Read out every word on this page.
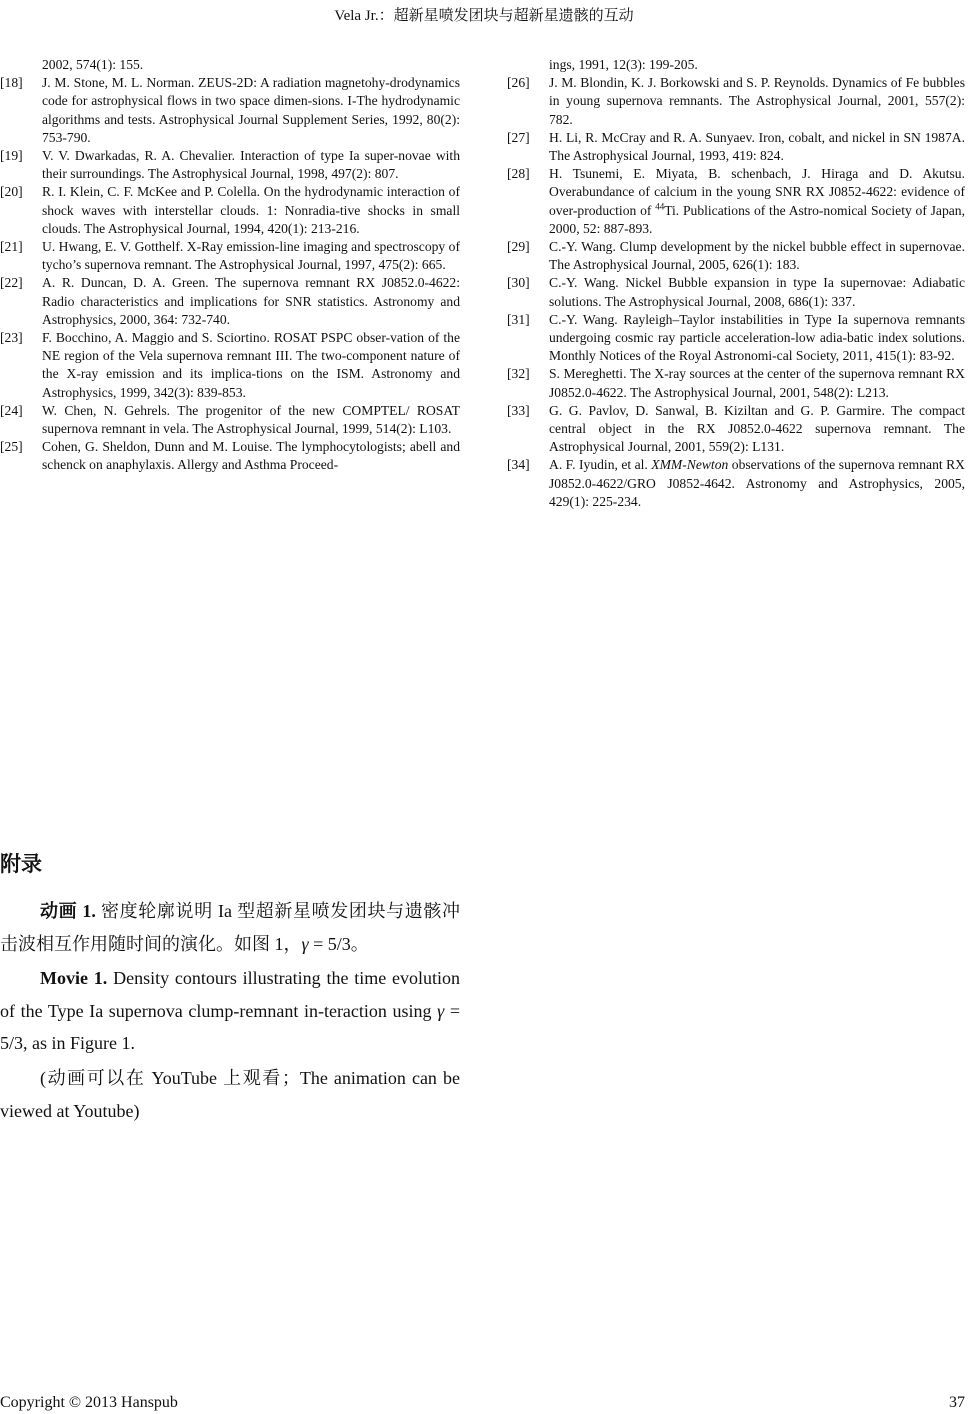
Vela Jr.：超新星喷发团块与超新星遗骸的互动
2002, 574(1): 155.
[18] J. M. Stone, M. L. Norman. ZEUS-2D: A radiation magnetohy-drodynamics code for astrophysical flows in two space dimen-sions. I-The hydrodynamic algorithms and tests. Astrophysical Journal Supplement Series, 1992, 80(2): 753-790.
[19] V. V. Dwarkadas, R. A. Chevalier. Interaction of type Ia super-novae with their surroundings. The Astrophysical Journal, 1998, 497(2): 807.
[20] R. I. Klein, C. F. McKee and P. Colella. On the hydrodynamic interaction of shock waves with interstellar clouds. 1: Nonradia-tive shocks in small clouds. The Astrophysical Journal, 1994, 420(1): 213-216.
[21] U. Hwang, E. V. Gotthelf. X-Ray emission-line imaging and spectroscopy of tycho’s supernova remnant. The Astrophysical Journal, 1997, 475(2): 665.
[22] A. R. Duncan, D. A. Green. The supernova remnant RX J0852.0-4622: Radio characteristics and implications for SNR statistics. Astronomy and Astrophysics, 2000, 364: 732-740.
[23] F. Bocchino, A. Maggio and S. Sciortino. ROSAT PSPC obser-vation of the NE region of the Vela supernova remnant III. The two-component nature of the X-ray emission and its implica-tions on the ISM. Astronomy and Astrophysics, 1999, 342(3): 839-853.
[24] W. Chen, N. Gehrels. The progenitor of the new COMPTEL/ ROSAT supernova remnant in vela. The Astrophysical Journal, 1999, 514(2): L103.
[25] Cohen, G. Sheldon, Dunn and M. Louise. The lymphocytologists; abell and schenck on anaphylaxis. Allergy and Asthma Proceed-
ings, 1991, 12(3): 199-205.
[26] J. M. Blondin, K. J. Borkowski and S. P. Reynolds. Dynamics of Fe bubbles in young supernova remnants. The Astrophysical Journal, 2001, 557(2): 782.
[27] H. Li, R. McCray and R. A. Sunyaev. Iron, cobalt, and nickel in SN 1987A. The Astrophysical Journal, 1993, 419: 824.
[28] H. Tsunemi, E. Miyata, B. schenbach, J. Hiraga and D. Akutsu. Overabundance of calcium in the young SNR RX J0852-4622: evidence of over-production of $^{44}$Ti. Publications of the Astro-nomical Society of Japan, 2000, 52: 887-893.
[29] C.-Y. Wang. Clump development by the nickel bubble effect in supernovae. The Astrophysical Journal, 2005, 626(1): 183.
[30] C.-Y. Wang. Nickel Bubble expansion in type Ia supernovae: Adiabatic solutions. The Astrophysical Journal, 2008, 686(1): 337.
[31] C.-Y. Wang. Rayleigh–Taylor instabilities in Type Ia supernova remnants undergoing cosmic ray particle acceleration-low adia-batic index solutions. Monthly Notices of the Royal Astronomi-cal Society, 2011, 415(1): 83-92.
[32] S. Mereghetti. The X-ray sources at the center of the supernova remnant RX J0852.0-4622. The Astrophysical Journal, 2001, 548(2): L213.
[33] G. G. Pavlov, D. Sanwal, B. Kiziltan and G. P. Garmire. The compact central object in the RX J0852.0-4622 supernova remnant. The Astrophysical Journal, 2001, 559(2): L131.
[34] A. F. Iyudin, et al. XMM-Newton observations of the supernova remnant RX J0852.0-4622/GRO J0852-4642. Astronomy and Astrophysics, 2005, 429(1): 225-234.
附录

动画 1. 密度轮廓说明 Ia 型超新星喷发团块与遗骸冲击波相互作用随时间的演化。如图 1，γ = 5/3。

Movie 1. Density contours illustrating the time evolution of the Type Ia supernova clump-remnant in-teraction using γ = 5/3, as in Figure 1.

(动画可以在 YouTube 上观看；The animation can be viewed at Youtube)

Copyright © 2013 Hanspub	37
